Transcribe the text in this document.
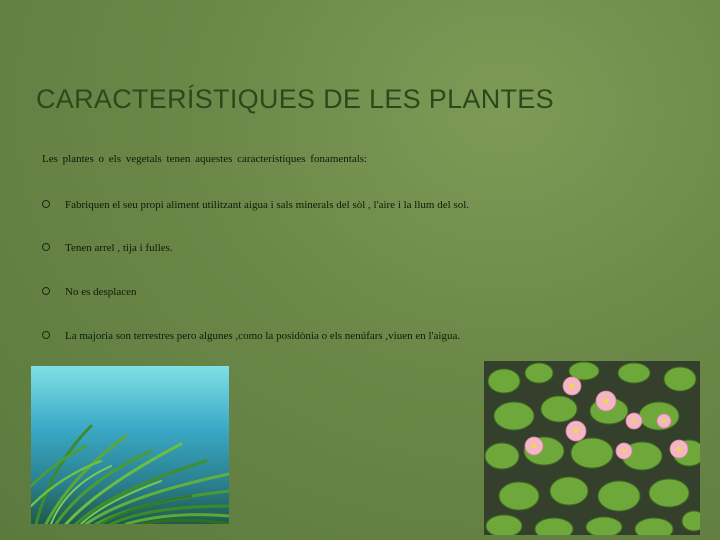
CARACTERÍSTIQUES DE LES PLANTES
Les plantes o els vegetals tenen aquestes característiques fonamentals:
Fabriquen el seu propi aliment utilitzant aigua i sals minerals del sòl , l'aire i la llum del sol.
Tenen arrel , tija i fulles.
No es desplacen
La majoria son terrestres pero algunes ,como la posidònia o els nenúfars ,viuen en l'aigua.
